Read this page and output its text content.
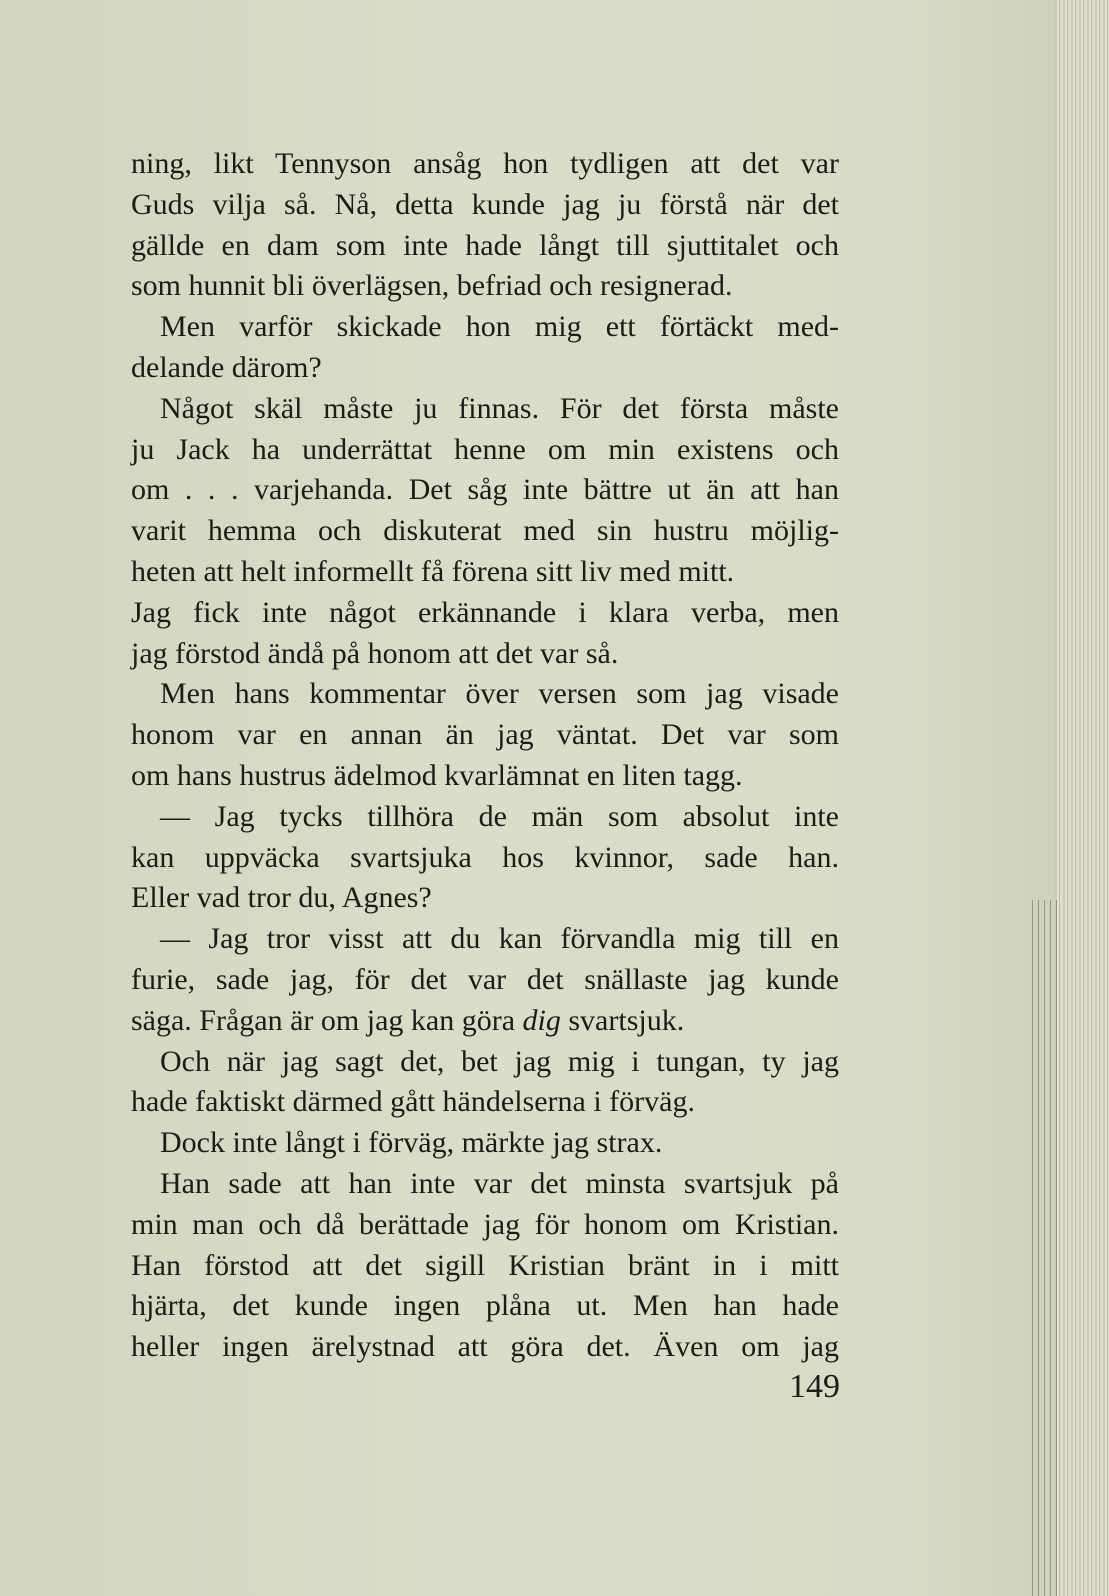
ning, likt Tennyson ansåg hon tydligen att det var
Guds vilja så. Nå, detta kunde jag ju förstå när det
gällde en dam som inte hade långt till sjuttitalet och
som hunnit bli överlägsen, befriad och resignerad.
Men varför skickade hon mig ett förtäckt med-
delande därom?
Något skäl måste ju finnas. För det första måste
ju Jack ha underrättat henne om min existens och
om . . . varjehanda. Det såg inte bättre ut än att han
varit hemma och diskuterat med sin hustru möjlig-
heten att helt informellt få förena sitt liv med mitt.
Jag fick inte något erkännande i klara verba, men
jag förstod ändå på honom att det var så.
Men hans kommentar över versen som jag visade
honom var en annan än jag väntat. Det var som
om hans hustrus ädelmod kvarlämnat en liten tagg.
— Jag tycks tillhöra de män som absolut inte
kan uppväcka svartsjuka hos kvinnor, sade han.
Eller vad tror du, Agnes?
— Jag tror visst att du kan förvandla mig till en
furie, sade jag, för det var det snällaste jag kunde
säga. Frågan är om jag kan göra dig svartsjuk.
Och när jag sagt det, bet jag mig i tungan, ty jag
hade faktiskt därmed gått händelserna i förväg.
Dock inte långt i förväg, märkte jag strax.
Han sade att han inte var det minsta svartsjuk på
min man och då berättade jag för honom om Kristian.
Han förstod att det sigill Kristian bränt in i mitt
hjärta, det kunde ingen plåna ut. Men han hade
heller ingen ärelystnad att göra det. Även om jag
149
